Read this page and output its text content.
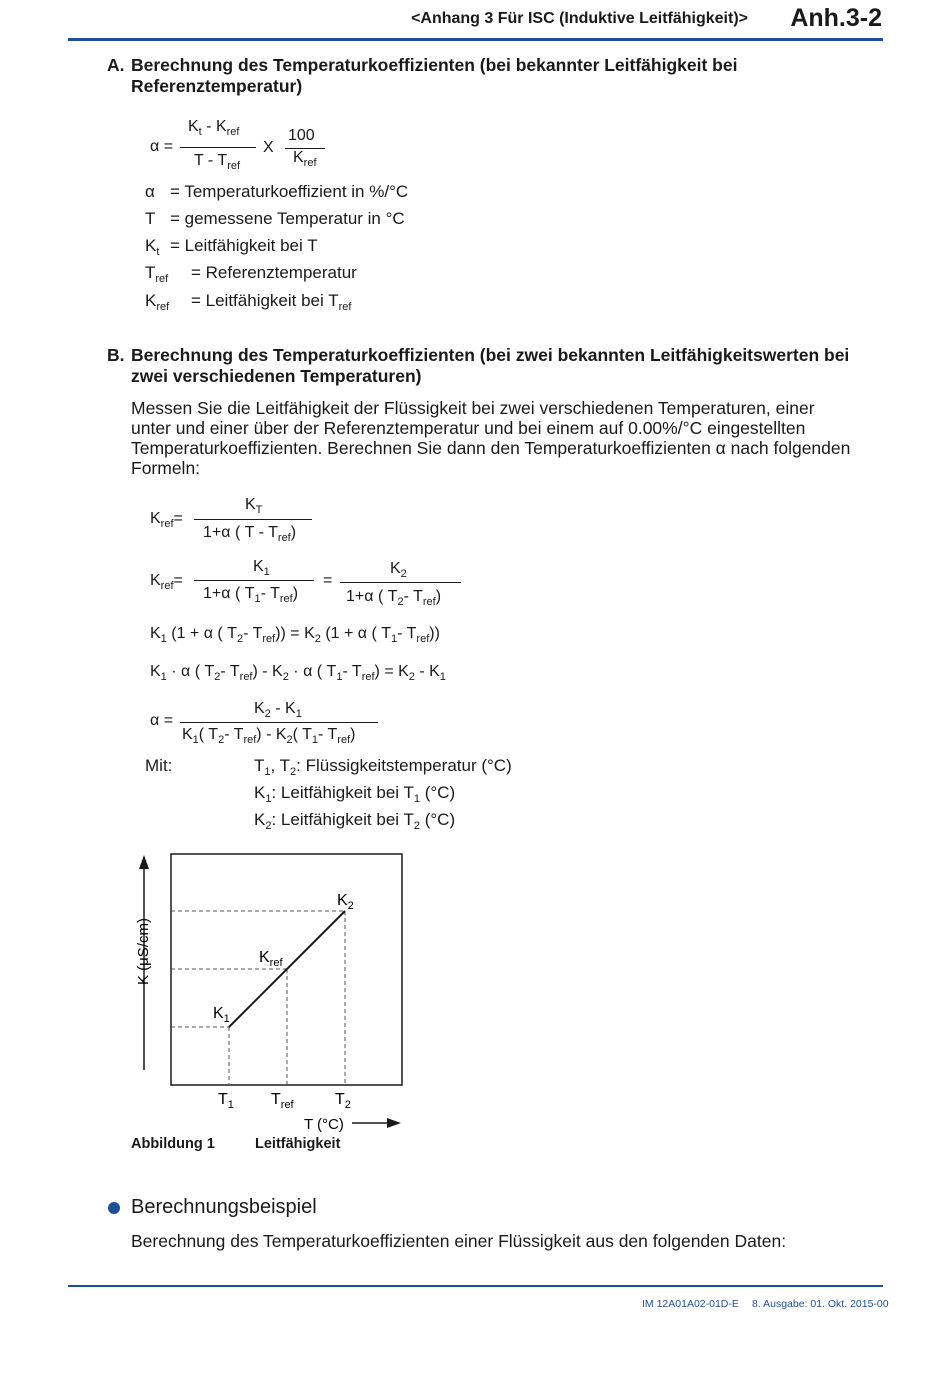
<Anhang 3 Für ISC (Induktive Leitfähigkeit)> Anh.3-2
A. Berechnung des Temperaturkoeffizienten (bei bekannter Leitfähigkeit bei
Referenztemperatur)
α =
$K_t - K_{ref}$
T - $T_{ref}$
X
100
$K_{ref}$
α = Temperaturkoeffizient in %/°C
T = gemessene Temperatur in °C
$K_t$ = Leitfähigkeit bei T
$T_{ref}$ = Referenztemperatur
$K_{ref}$ = Leitfähigkeit bei $T_{ref}$
B. Berechnung des Temperaturkoeffizienten (bei zwei bekannten Leitfähigkeitswerten bei
zwei verschiedenen Temperaturen)
Messen Sie die Leitfähigkeit der Flüssigkeit bei zwei verschiedenen Temperaturen, einer
unter und einer über der Referenztemperatur und bei einem auf 0.00%/°C eingestellten
Temperaturkoeffizienten. Berechnen Sie dann den Temperaturkoeffizienten α nach folgenden
Formeln:
$K_{ref}=$
$K_T$
1+α ( T - $T_{ref}$)
$K_{ref}=$
$K_1$
1+α ( $T_1-$ $T_{ref}$)
=
$K_2$
1+α ( $T_2-$ $T_{ref}$)
$K_1$ (1 + α ( $T_2-$ $T_{ref})) = K_2$ (1 + α ( $T_1-$ $T_{ref}$))
$K_1 \cdot \alpha$ ( $T_2-$ $T_{ref}) - K_2 \cdot \alpha$ ( $T_1-$ $T_{ref}) = K_2 - K_1$
α =
$K_2 - K_1$
$K_1$( $T_2-$ $T_{ref}) - K_2$( $T_1-$ $T_{ref}$)
Mit:	$T_1$, $T_2$: Flüssigkeitstemperatur (°C)
$K_1$: Leitfähigkeit bei $T_1$ (°C)
$K_2$: Leitfähigkeit bei $T_2$ (°C)
$K_1$
$K_{ref}$
$K_2$
$T_1$ $T_{ref}$	$T_2$
T (°C)
K (μS/cm)
Abbildung 1	Leitfähigkeit
Berechnungsbeispiel
Berechnung des Temperaturkoeffizienten einer Flüssigkeit aus den folgenden Daten:
IM 12A01A02-01D-E 8. Ausgabe: 01. Okt. 2015-00
